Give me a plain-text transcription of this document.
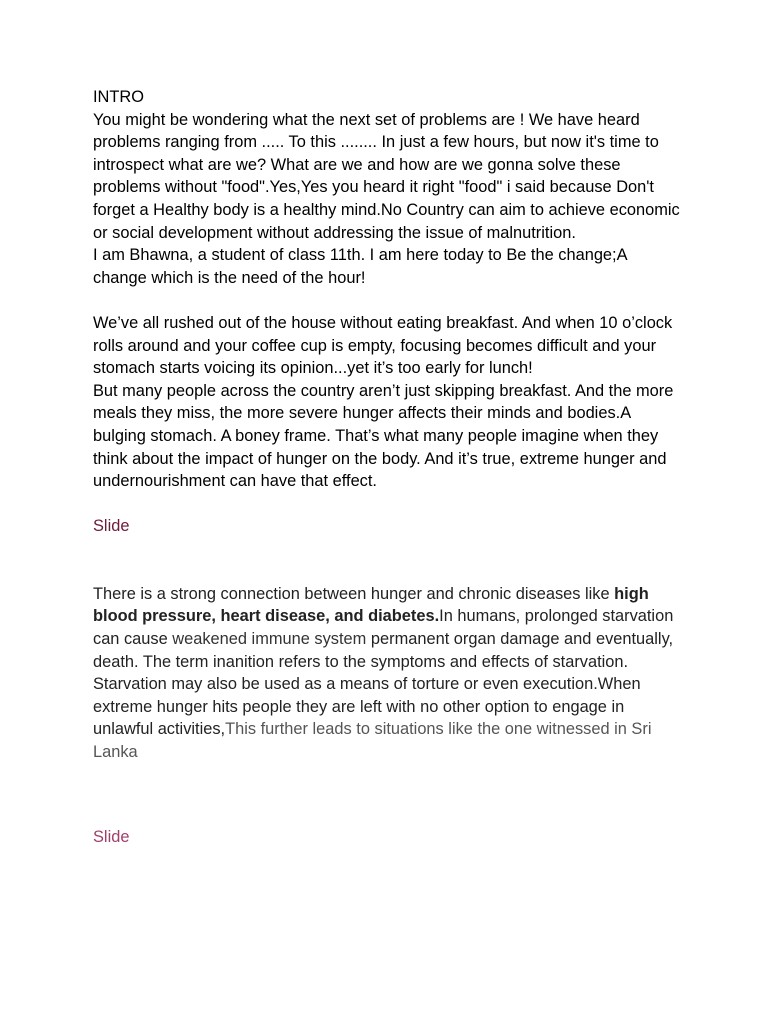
INTRO

You might be wondering what the next set of problems are ! We have heard problems ranging from ..... To this ........ In just a few hours, but now it's time to introspect what are we? What are we and how are we gonna solve these problems without "food".Yes,Yes you heard it right "food" i said because Don't forget a Healthy body is a healthy mind.No Country can aim to achieve economic or social development without addressing the issue of malnutrition.

I am Bhawna, a student of class 11th. I am here today to Be the change;A change which is the need of the hour!

We’ve all rushed out of the house without eating breakfast. And when 10 o’clock rolls around and your coffee cup is empty, focusing becomes difficult and your stomach starts voicing its opinion...yet it’s too early for lunch!

But many people across the country aren’t just skipping breakfast. And the more meals they miss, the more severe hunger affects their minds and bodies.A bulging stomach. A boney frame. That’s what many people imagine when they think about the impact of hunger on the body. And it’s true, extreme hunger and undernourishment can have that effect.

Slide

There is a strong connection between hunger and chronic diseases like high blood pressure, heart disease, and diabetes.In humans, prolonged starvation can cause weakened immune system permanent organ damage and eventually, death. The term inanition refers to the symptoms and effects of starvation. Starvation may also be used as a means of torture or even execution.When extreme hunger hits people they are left with no other option to engage in unlawful activities,This further leads to situations like the one witnessed in Sri Lanka

Slide
